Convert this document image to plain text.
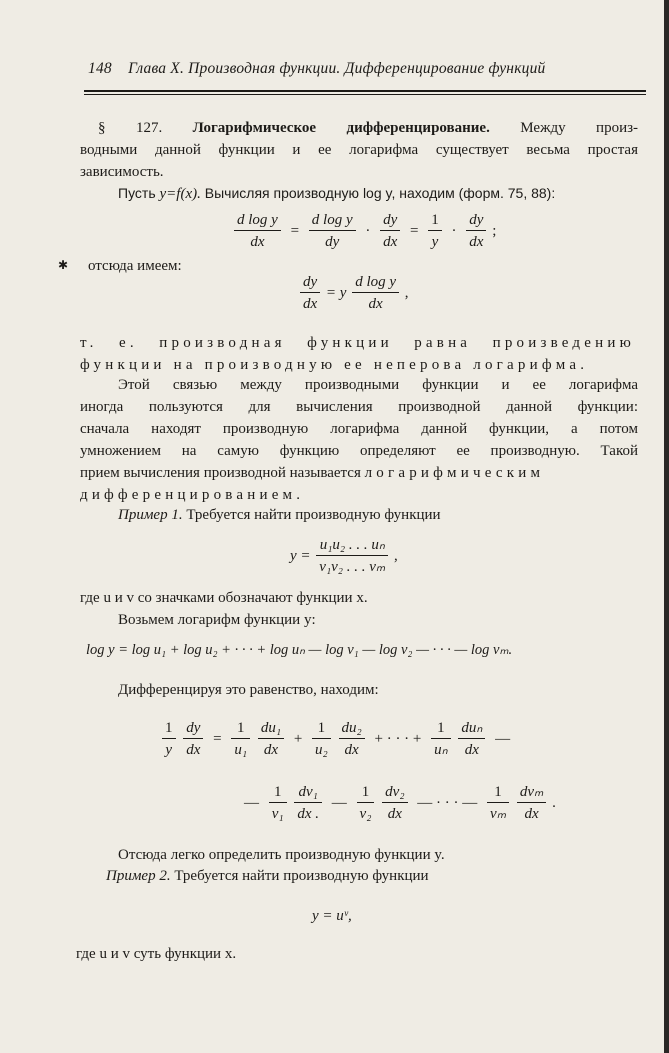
148 Глава X. Производная функции. Дифференцирование функций
§ 127. Логарифмическое дифференцирование. Между произ-
водными данной функции и ее логарифма существует весьма простая
зависимость.
Пусть y=f(x). Вычисляя производную log y, находим (форм. 75, 88):
$\frac{\text{d log y}}{dx} = \frac{\text{d log y}}{dy} \cdot \frac{dy}{dx} = \frac{1}{y} \cdot \frac{dy}{dx}$ ;
✱ отсюда имеем:
$\frac{dy}{dx} = y \frac{\text{d log y}}{dx}$ ,
т. е. производная функции равна произведению
функции на производную ее неперова логарифма.
Этой связью между производными функции и ее логарифма
иногда пользуются для вычисления производной данной функции:
сначала находят производную логарифма данной функции, а потом
умножением на самую функцию определяют ее производную. Такой
прием вычисления производной называется логарифмическим
дифференцированием.
Пример 1. Требуется найти производную функции
$y = \frac{\text{u₁u₂ . . . uₙ}}{\text{v₁v₂ . . . vₘ}}$ ,
где u и v со значками обозначают функции x.
Возьмем логарифм функции y:
log y = log u₁ + log u₂ + · · · + log uₙ — log v₁ — log v₂ — · · · — log vₘ.
Дифференцируя это равенство, находим:
$\frac{1}{y}$
$\frac{dy}{dx} = \frac{1}{\text{u₁}}$
$\frac{\text{du₁}}{dx} + \frac{1}{\text{u₂}}$
$\frac{\text{du₂}}{dx}$ + · · · + $\frac{1}{\text{uₙ}}$
$\frac{\text{duₙ}}{dx}$ —
— $\frac{1}{\text{v₁}}$
$\frac{\text{dv₁}}{dx .}$ — $\frac{1}{\text{v₂}}$
$\frac{\text{dv₂}}{dx}$ — · · · — $\frac{1}{\text{vₘ}}$
$\frac{\text{dvₘ}}{dx}$ .
Отсюда легко определить производную функции y.
Пример 2. Требуется найти производную функции
y = uᵛ,
где u и v суть функции x.
